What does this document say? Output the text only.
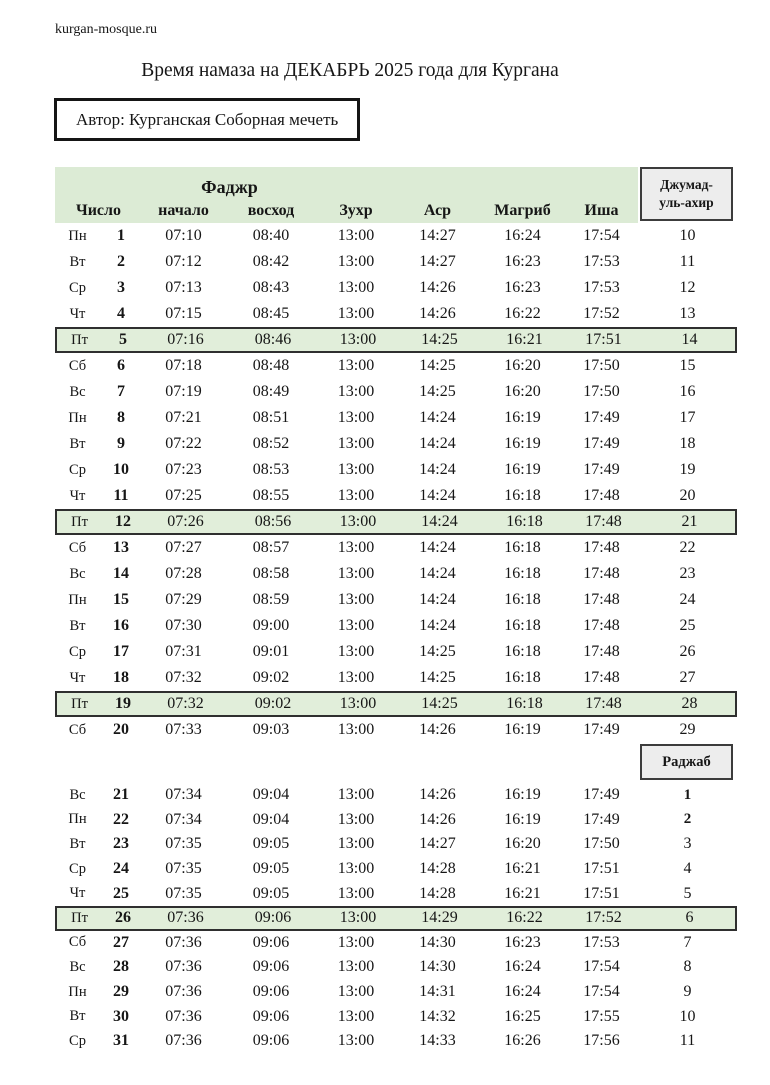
kurgan-mosque.ru
Время намаза на ДЕКАБРЬ 2025 года для Кургана
Автор: Курганская Соборная мечеть
Фаджр
Число	начало	восход	Зухр	Аср	Магриб	Иша
Джумад-
уль-ахир
Пн	1	07:10	08:40	13:00	14:27	16:24	17:54	10
Вт	2	07:12	08:42	13:00	14:27	16:23	17:53	11
Ср	3	07:13	08:43	13:00	14:26	16:23	17:53	12
Чт	4	07:15	08:45	13:00	14:26	16:22	17:52	13
Пт	5	07:16	08:46	13:00	14:25	16:21	17:51	14
Сб	6	07:18	08:48	13:00	14:25	16:20	17:50	15
Вс	7	07:19	08:49	13:00	14:25	16:20	17:50	16
Пн	8	07:21	08:51	13:00	14:24	16:19	17:49	17
Вт	9	07:22	08:52	13:00	14:24	16:19	17:49	18
Ср	10	07:23	08:53	13:00	14:24	16:19	17:49	19
Чт	11	07:25	08:55	13:00	14:24	16:18	17:48	20
Пт	12	07:26	08:56	13:00	14:24	16:18	17:48	21
Сб	13	07:27	08:57	13:00	14:24	16:18	17:48	22
Вс	14	07:28	08:58	13:00	14:24	16:18	17:48	23
Пн	15	07:29	08:59	13:00	14:24	16:18	17:48	24
Вт	16	07:30	09:00	13:00	14:24	16:18	17:48	25
Ср	17	07:31	09:01	13:00	14:25	16:18	17:48	26
Чт	18	07:32	09:02	13:00	14:25	16:18	17:48	27
Пт	19	07:32	09:02	13:00	14:25	16:18	17:48	28
Сб	20	07:33	09:03	13:00	14:26	16:19	17:49	29
Раджаб
Вс	21	07:34	09:04	13:00	14:26	16:19	17:49	1
Пн	22	07:34	09:04	13:00	14:26	16:19	17:49	2
Вт	23	07:35	09:05	13:00	14:27	16:20	17:50	3
Ср	24	07:35	09:05	13:00	14:28	16:21	17:51	4
Чт	25	07:35	09:05	13:00	14:28	16:21	17:51	5
Пт	26	07:36	09:06	13:00	14:29	16:22	17:52	6
Сб	27	07:36	09:06	13:00	14:30	16:23	17:53	7
Вс	28	07:36	09:06	13:00	14:30	16:24	17:54	8
Пн	29	07:36	09:06	13:00	14:31	16:24	17:54	9
Вт	30	07:36	09:06	13:00	14:32	16:25	17:55	10
Ср	31	07:36	09:06	13:00	14:33	16:26	17:56	11
